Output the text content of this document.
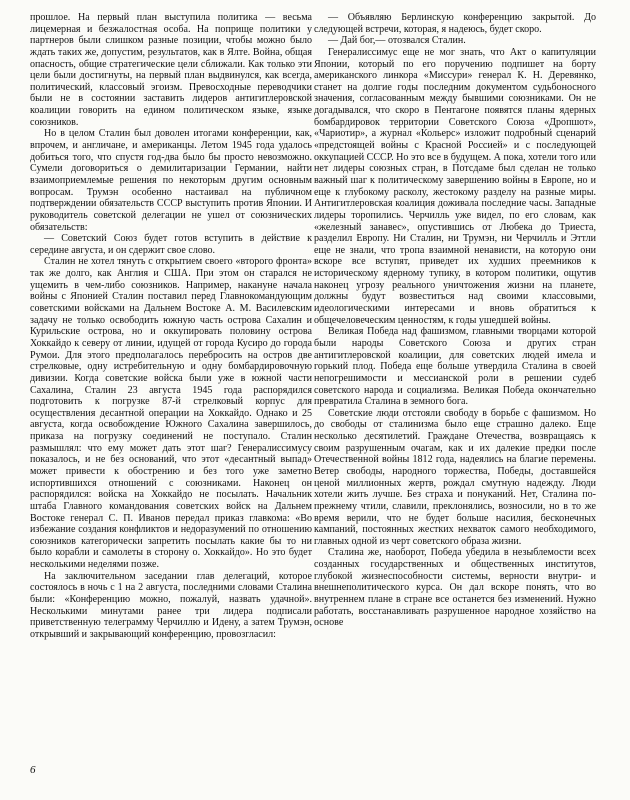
прошлое. На первый план выступила политика — весьма лицемерная и безжалостная особа. На поприще политики у партнеров были слишком разные позиции, чтобы можно было ждать таких же, допустим, результатов, как в Ялте. Война, общая опасность, общие стратегические цели сближали. Как только эти цели были достигнуты, на первый план выдвинулся, как всегда, политический, классовый эгоизм. Превосходные переводчики были не в состоянии заставить лидеров антигитлеровской коалиции говорить на едином политическом языке, языке союзников.

Но в целом Сталин был доволен итогами конференции, как, впрочем, и англичане, и американцы. Летом 1945 года удалось добиться того, что спустя год-два было бы просто невозможно. Сумели договориться о демилитаризации Германии, найти взаимоприемлемые решения по некоторым другим основным вопросам. Трумэн особенно настаивал на публичном подтверждении обязательств СССР выступить против Японии. И руководитель советской делегации не ушел от союзнических обязательств:

— Советский Союз будет готов вступить в действие к середине августа, и он сдержит свое слово.

Сталин не хотел тянуть с открытием своего «второго фронта» так же долго, как Англия и США. При этом он старался не ущемить в чем-либо союзников. Например, накануне начала войны с Японией Сталин поставил перед Главнокомандующим советскими войсками на Дальнем Востоке А. М. Василевским задачу не только освободить южную часть острова Сахалин и Курильские острова, но и оккупировать половину острова Хоккайдо к северу от линии, идущей от города Кусиро до города Румои. Для этого предполагалось перебросить на остров две стрелковые, одну истребительную и одну бомбардировочную дивизии. Когда советские войска были уже в южной части Сахалина, Сталин 23 августа 1945 года распорядился подготовить к погрузке 87-й стрелковый корпус для осуществления десантной операции на Хоккайдо. Однако и 25 августа, когда освобождение Южного Сахалина завершилось, приказа на погрузку соединений не поступало. Сталин размышлял: что ему может дать этот шаг? Генералиссимусу показалось, и не без оснований, что этот «десантный выпад» может привести к обострению и без того уже заметно испортившихся отношений с союзниками. Наконец он распорядился: войска на Хоккайдо не посылать. Начальник штаба Главного командования советских войск на Дальнем Востоке генерал С. П. Иванов передал приказ главкома: «Во избежание создания конфликтов и недоразумений по отношению союзников категорически запретить посылать какие бы то ни было корабли и самолеты в сторону о. Хоккайдо». Но это будет несколькими неделями позже.

На заключительном заседании глав делегаций, которое состоялось в ночь с 1 на 2 августа, последними словами Сталина были: «Конференцию можно, пожалуй, назвать удачной». Несколькими минутами ранее три лидера подписали приветственную телеграмму Черчиллю и Идену, а затем Трумэн, открывший и закрывающий конференцию, провозгласил:

— Объявляю Берлинскую конференцию закрытой. До следующей встречи, которая, я надеюсь, будет скоро.

— Дай бог,— отозвался Сталин.

Генералиссимус еще не мог знать, что Акт о капитуляции Японии, который по его поручению подпишет на борту американского линкора «Миссури» генерал К. Н. Деревянко, станет на долгие годы последним документом судьбоносного значения, согласованным между бывшими союзниками. Он не догадывался, что скоро в Пентагоне появятся планы ядерных бомбардировок территории Советского Союза «Дропшот», «Чариотир», а журнал «Кольерс» изложит подробный сценарий «предстоящей войны с Красной Россией» и с последующей оккупацией СССР. Но это все в будущем. А пока, хотели того или нет лидеры союзных стран, в Потсдаме был сделан не только важный шаг к политическому завершению войны в Европе, но и еще к глубокому расколу, жестокому разделу на разные миры. Антигитлеровская коалиция доживала последние часы. Западные лидеры торопились. Черчилль уже видел, по его словам, как «железный занавес», опустившись от Любека до Триеста, разделил Европу. Ни Сталин, ни Трумэн, ни Черчилль и Эттли еще не знали, что тропа взаимной ненависти, на которую они вскоре все вступят, приведет их худших преемников к историческому ядерному тупику, в котором политики, ощутив наконец угрозу реального уничтожения жизни на планете, должны будут возвеститься над своими классовыми, идеологическими интересами и вновь обратиться к общечеловеческим ценностям, к годы ушедшей войны.

Великая Победа над фашизмом, главными творцами которой были народы Советского Союза и других стран антигитлеровской коалиции, для советских людей имела и горький плод. Победа еще больше утвердила Сталина в своей непогрешимости и мессианской роли в решении судеб советского народа и социализма. Великая Победа окончательно превратила Сталина в земного бога.

Советские люди отстояли свободу в борьбе с фашизмом. Но до свободы от сталинизма было еще страшно далеко. Еще несколько десятилетий. Граждане Отечества, возвращаясь к своим разрушенным очагам, как и их далекие предки после Отечественной войны 1812 года, надеялись на благие перемены. Ветер свободы, народного торжества, Победы, доставшейся ценой миллионных жертв, рождал смутную надежду. Люди хотели жить лучше. Без страха и понуканий. Нет, Сталина по-прежнему чтили, славили, преклонялись, возносили, но в то же время верили, что не будет больше насилия, бесконечных кампаний, постоянных жестких нехваток самого необходимого, главных одной из черт советского образа жизни.

Сталина же, наоборот, Победа убедила в незыблемости всех созданных государственных и общественных институтов, глубокой жизнеспособности системы, верности внутри- и внешнеполитического курса. Он дал вскоре понять, что во внутреннем плане в стране все останется без изменений. Нужно работать, восстанавливать разрушенное народное хозяйство на основе

6
